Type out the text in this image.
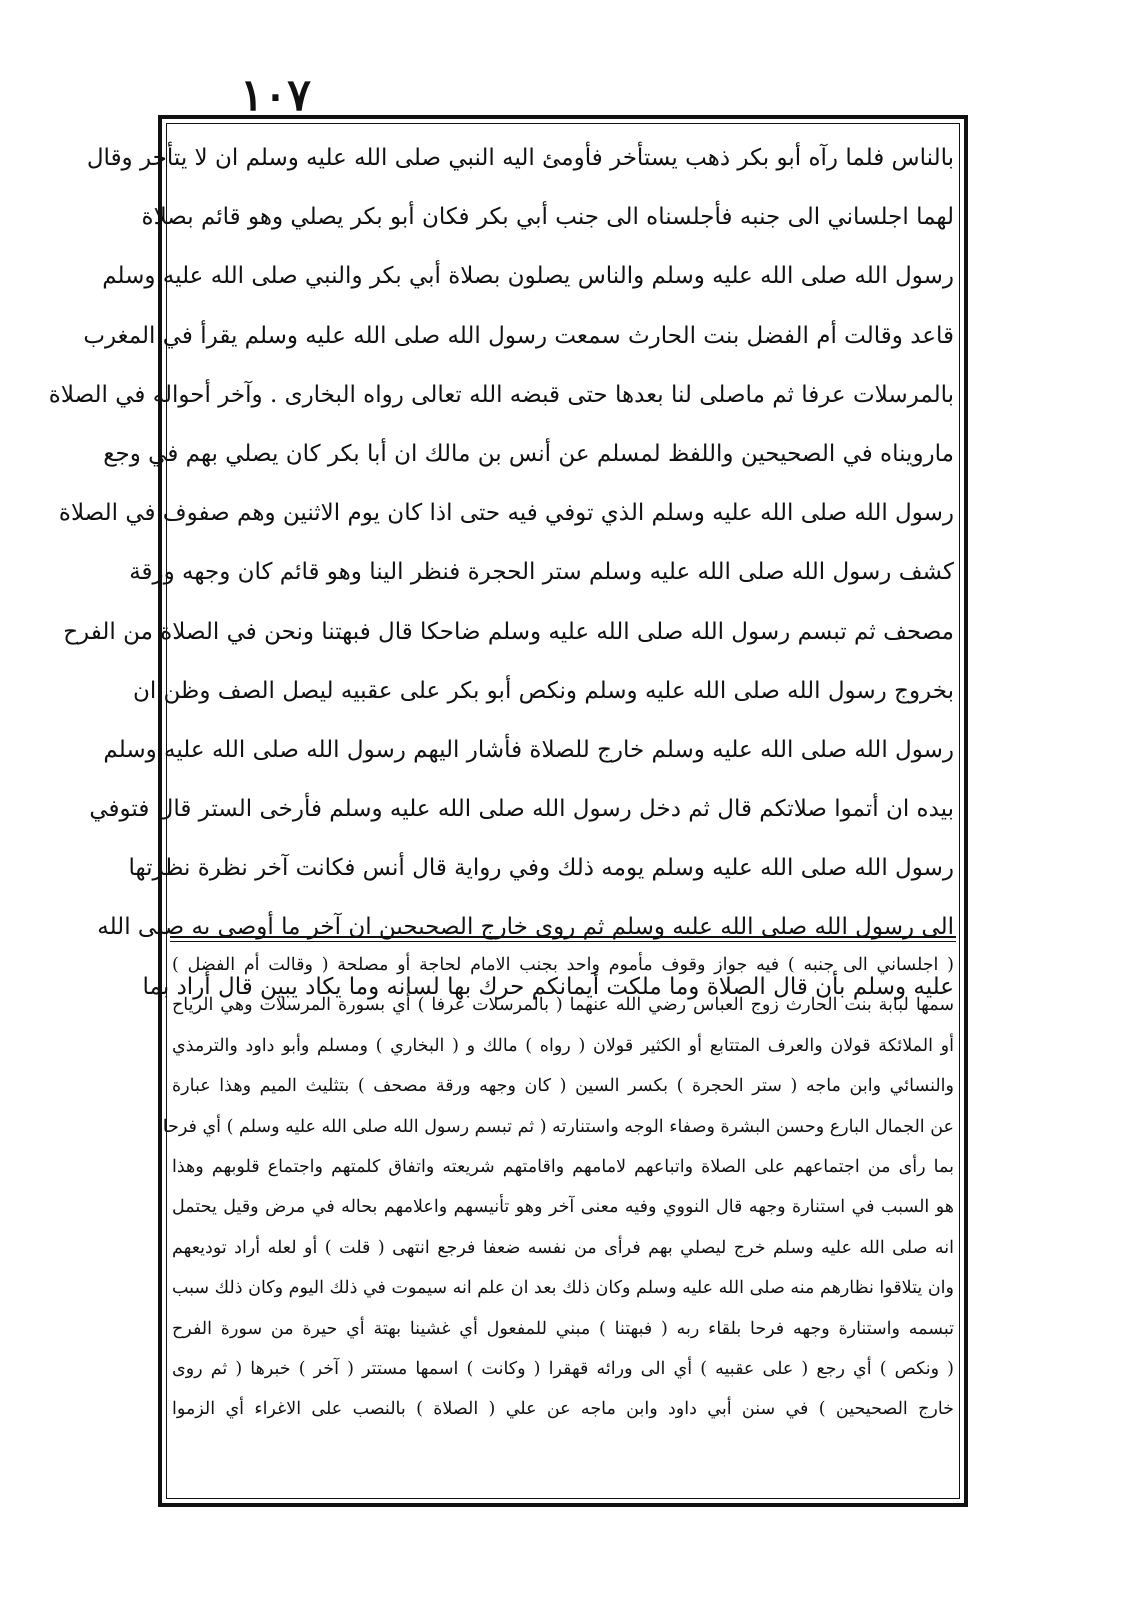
١٠٧
بالناس فلما رآه أبو بكر ذهب يستأخر فأومئ اليه النبي صلى الله عليه وسلم ان لا يتأخر وقال
لهما اجلساني الى جنبه فأجلسناه الى جنب أبي بكر فكان أبو بكر يصلي وهو قائم بصلاة
رسول الله صلى الله عليه وسلم والناس يصلون بصلاة أبي بكر والنبي صلى الله عليه وسلم
قاعد وقالت أم الفضل بنت الحارث سمعت رسول الله صلى الله عليه وسلم يقرأ في المغرب
بالمرسلات عرفا ثم ماصلى لنا بعدها حتى قبضه الله تعالى رواه البخارى . وآخر أحواله في الصلاة
مارويناه في الصحيحين واللفظ لمسلم عن أنس بن مالك ان أبا بكر كان يصلي بهم في وجع
رسول الله صلى الله عليه وسلم الذي توفي فيه حتى اذا كان يوم الاثنين وهم صفوف في الصلاة
كشف رسول الله صلى الله عليه وسلم ستر الحجرة فنظر الينا وهو قائم كان وجهه ورقة
مصحف ثم تبسم رسول الله صلى الله عليه وسلم ضاحكا قال فبهتنا ونحن في الصلاة من الفرح
بخروج رسول الله صلى الله عليه وسلم ونكص أبو بكر على عقبيه ليصل الصف وظن ان
رسول الله صلى الله عليه وسلم خارج للصلاة فأشار اليهم رسول الله صلى الله عليه وسلم
بيده ان أتموا صلاتكم قال ثم دخل رسول الله صلى الله عليه وسلم فأرخى الستر قال فتوفي
رسول الله صلى الله عليه وسلم يومه ذلك وفي رواية قال أنس فكانت آخر نظرة نظرتها
الى رسول الله صلى الله عليه وسلم ثم روى خارج الصحيحين ان آخر ما أوصى به صلى الله
عليه وسلم بأن قال الصلاة وما ملكت أيمانكم حرك بها لسانه وما يكاد يبين قال أراد بما
( اجلساني الى جنبه ) فيه جواز وقوف مأموم واحد بجنب الامام لحاجة أو مصلحة ( وقالت أم الفضل )
سمها لبابة بنت الحارث زوج العباس رضي الله عنهما ( بالمرسلات عرفا ) أي بسورة المرسلات وهي الرياح
أو الملائكة قولان والعرف المتتابع أو الكثير قولان ( رواه ) مالك و ( البخاري ) ومسلم وأبو داود والترمذي
والنسائي وابن ماجه ( ستر الحجرة ) بكسر السين ( كان وجهه ورقة مصحف ) بتثليث الميم وهذا عبارة
عن الجمال البارع وحسن البشرة وصفاء الوجه واستنارته ( ثم تبسم رسول الله صلى الله عليه وسلم ) أي فرحا
بما رأى من اجتماعهم على الصلاة واتباعهم لامامهم واقامتهم شريعته واتفاق كلمتهم واجتماع قلوبهم وهذا
هو السبب في استنارة وجهه قال النووي وفيه معنى آخر وهو تأنيسهم واعلامهم بحاله في مرض وقيل يحتمل
انه صلى الله عليه وسلم خرج ليصلي بهم فرأى من نفسه ضعفا فرجع انتهى ( قلت ) أو لعله أراد توديعهم
وان يتلاقوا نظارهم منه صلى الله عليه وسلم وكان ذلك بعد ان علم انه سيموت في ذلك اليوم وكان ذلك سبب
تبسمه واستنارة وجهه فرحا بلقاء ربه ( فبهتنا ) مبني للمفعول أي غشينا بهتة أي حيرة من سورة الفرح
( ونكص ) أي رجع ( على عقبيه ) أي الى ورائه قهقرا ( وكانت ) اسمها مستتر ( آخر ) خبرها ( ثم روى
خارج الصحيحين ) في سنن أبي داود وابن ماجه عن علي ( الصلاة ) بالنصب على الاغراء أي الزموا
